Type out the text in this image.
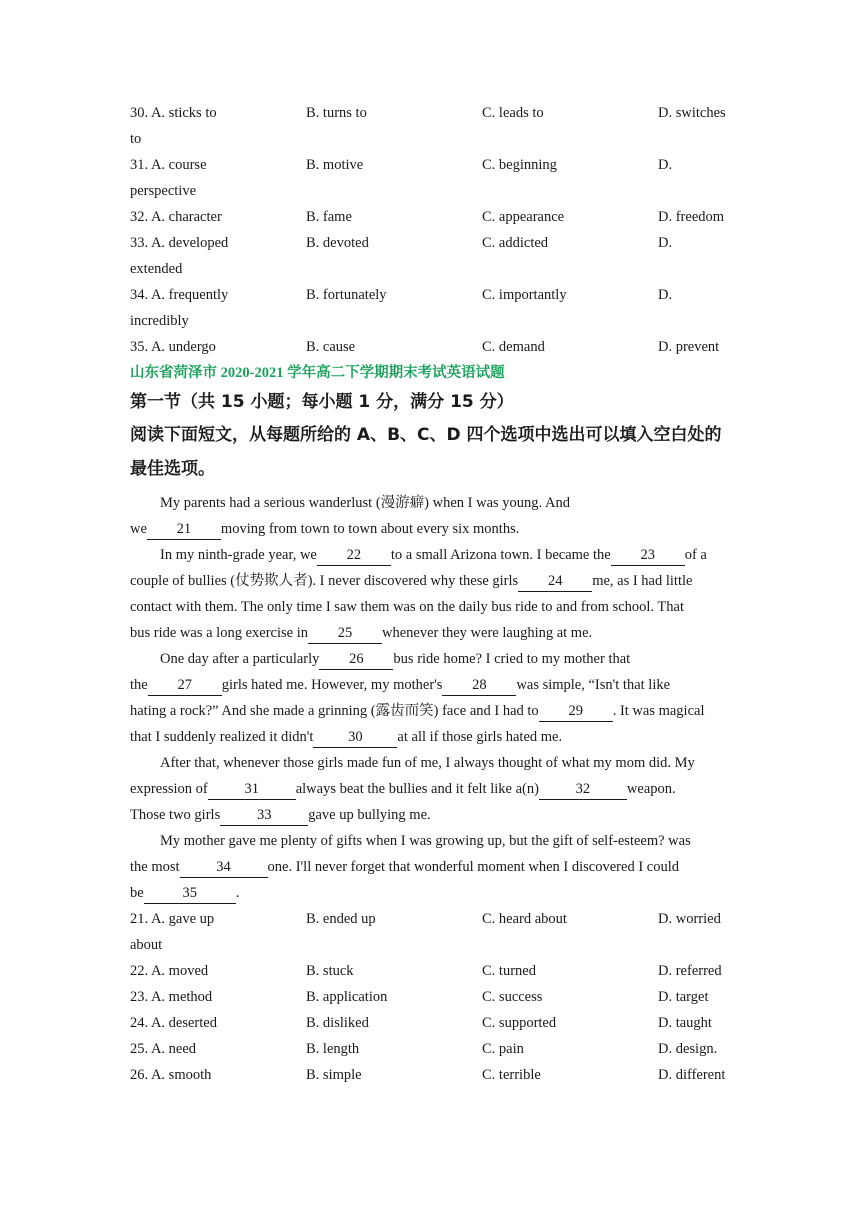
30. A. sticks to	B. turns to	C. leads to	D. switches
to
31. A. course	B. motive	C. beginning	D.
perspective
32. A. character	B. fame	C. appearance	D. freedom
33. A. developed	B. devoted	C. addicted	D.
extended
34. A. frequently	B. fortunately	C. importantly	D.
incredibly
35. A. undergo	B. cause	C. demand	D. prevent
山东省菏泽市 2020-2021 学年高二下学期期末考试英语试题
第一节（共 15 小题；每小题 1 分，满分 15 分）
阅读下面短文，从每题所给的 A、B、C、D 四个选项中选出可以填入空白处的
最佳选项。
My parents had a serious wanderlust (漫游癖) when I was young. And
we 21 moving from town to town about every six months.
In my ninth-grade year, we 22 to a small Arizona town. I became the 23 of a
couple of bullies (仗势欺人者). I never discovered why these girls 24 me, as I had little
contact with them. The only time I saw them was on the daily bus ride to and from school. That
bus ride was a long exercise in 25 whenever they were laughing at me.
One day after a particularly 26 bus ride home? I cried to my mother that
the 27 girls hated me. However, my mother's 28 was simple, “Isn't that like
hating a rock?” And she made a grinning (露齿而笑) face and I had to 29 . It was magical
that I suddenly realized it didn't 30 at all if those girls hated me.
After that, whenever those girls made fun of me, I always thought of what my mom did. My
expression of	31	always beat the bullies and it felt like a(n)	32	weapon.
Those two girls	33	gave up bullying me.
My mother gave me plenty of gifts when I was growing up, but the gift of self-esteem? was
the most	34	one. I'll never forget that wonderful moment when I discovered I could
be	35	.
21. A. gave up	B. ended up	C. heard about	D. worried
about
22. A. moved	B. stuck	C. turned	D. referred
23. A. method	B. application	C. success	D. target
24. A. deserted	B. disliked	C. supported	D. taught
25. A. need	B. length	C. pain	D. design.
26. A. smooth	B. simple	C. terrible	D. different
